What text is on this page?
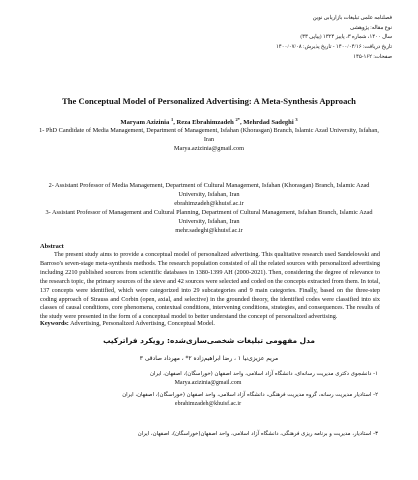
فصلنامه علمی تبلیغات بازاریابی نوین
نوع مقاله: پژوهشی
سال ۱۴۰۰، شماره ۳، پاییز ۱۳۲۴ (پیاپی ۳۳)
تاریخ دریافت: ۱۴۰۰/۰۴/۱۶ - تاریخ پذیرش: ۱۴۰۰/۰۷/۰۸
صفحات: ۱۶۲-۱۴۵
The Conceptual Model of Personalized Advertising: A Meta-Synthesis Approach
Maryam Azizinia $^1$, Reza Ebrahimzadeh $^{2*}$, Mehrdad Sadeghi $^3$
1- PhD Candidate of Media Management, Department of Management, Isfahan (Khorasgan) Branch, Islamic Azad University, Isfahan, Iran
Marya.azizinia@gmail.com
2- Assistant Professor of Media Management, Department of Cultural Management, Isfahan (Khorasgan) Branch, Islamic Azad University, Isfahan, Iran
ebrahimzadeh@khuisf.ac.ir
3- Assistant Professor of Management and Cultural Planning, Department of Cultural Management, Isfahan Branch, Islamic Azad University, Isfahan, Iran
mehr.sadeghi@khuisf.ac.ir
Abstract
The present study aims to provide a conceptual model of personalized advertising. This qualitative research used Sandelowski and Barroso's seven-stage meta-synthesis methods. The research population consisted of all the related sources with personalized advertising including 2210 published sources from scientific databases in 1380-1399 AH (2000-2021). Then, considering the degree of relevance to the research topic, the primary sources of the sieve and 42 sources were selected and coded on the concepts extracted from them. In total, 137 concepts were identified, which were categorized into 29 subcategories and 9 main categories. Finally, based on the three-step coding approach of Strauss and Corbin (open, axial, and selective) in the grounded theory, the identified codes were classified into six classes of causal conditions, core phenomena, contextual conditions, intervening conditions, strategies, and consequences. The results of the study were presented in the form of a conceptual model to better understand the concept of personalized advertising.
Keywords: Advertising, Personalized Advertising, Conceptual Model.
مدل مفهومی تبلیغات شخصی‌سازی‌شده: رویکرد فراترکیب
مریم عزیزی‌نیا ۱ ، رضا ابراهیم‌زاده ۲* ، مهرداد صادقی ۳
۱- دانشجوی دکتری مدیریت رسانه‌ای، دانشگاه آزاد اسلامی، واحد اصفهان (خوراسگان)، اصفهان، ایران
Marya.azizinia@gmail.com
۲- استادیار مدیریت رسانه، گروه مدیریت فرهنگی، دانشگاه آزاد اسلامی، واحد اصفهان (خوراسگان)، اصفهان، ایران
ebrahimzadeh@khuisf.ac.ir
۳- استادیار، مدیریت و برنامه ریزی فرهنگی، دانشگاه آزاد اسلامی، واحد اصفهان(خوراسگان)، اصفهان، ایران
